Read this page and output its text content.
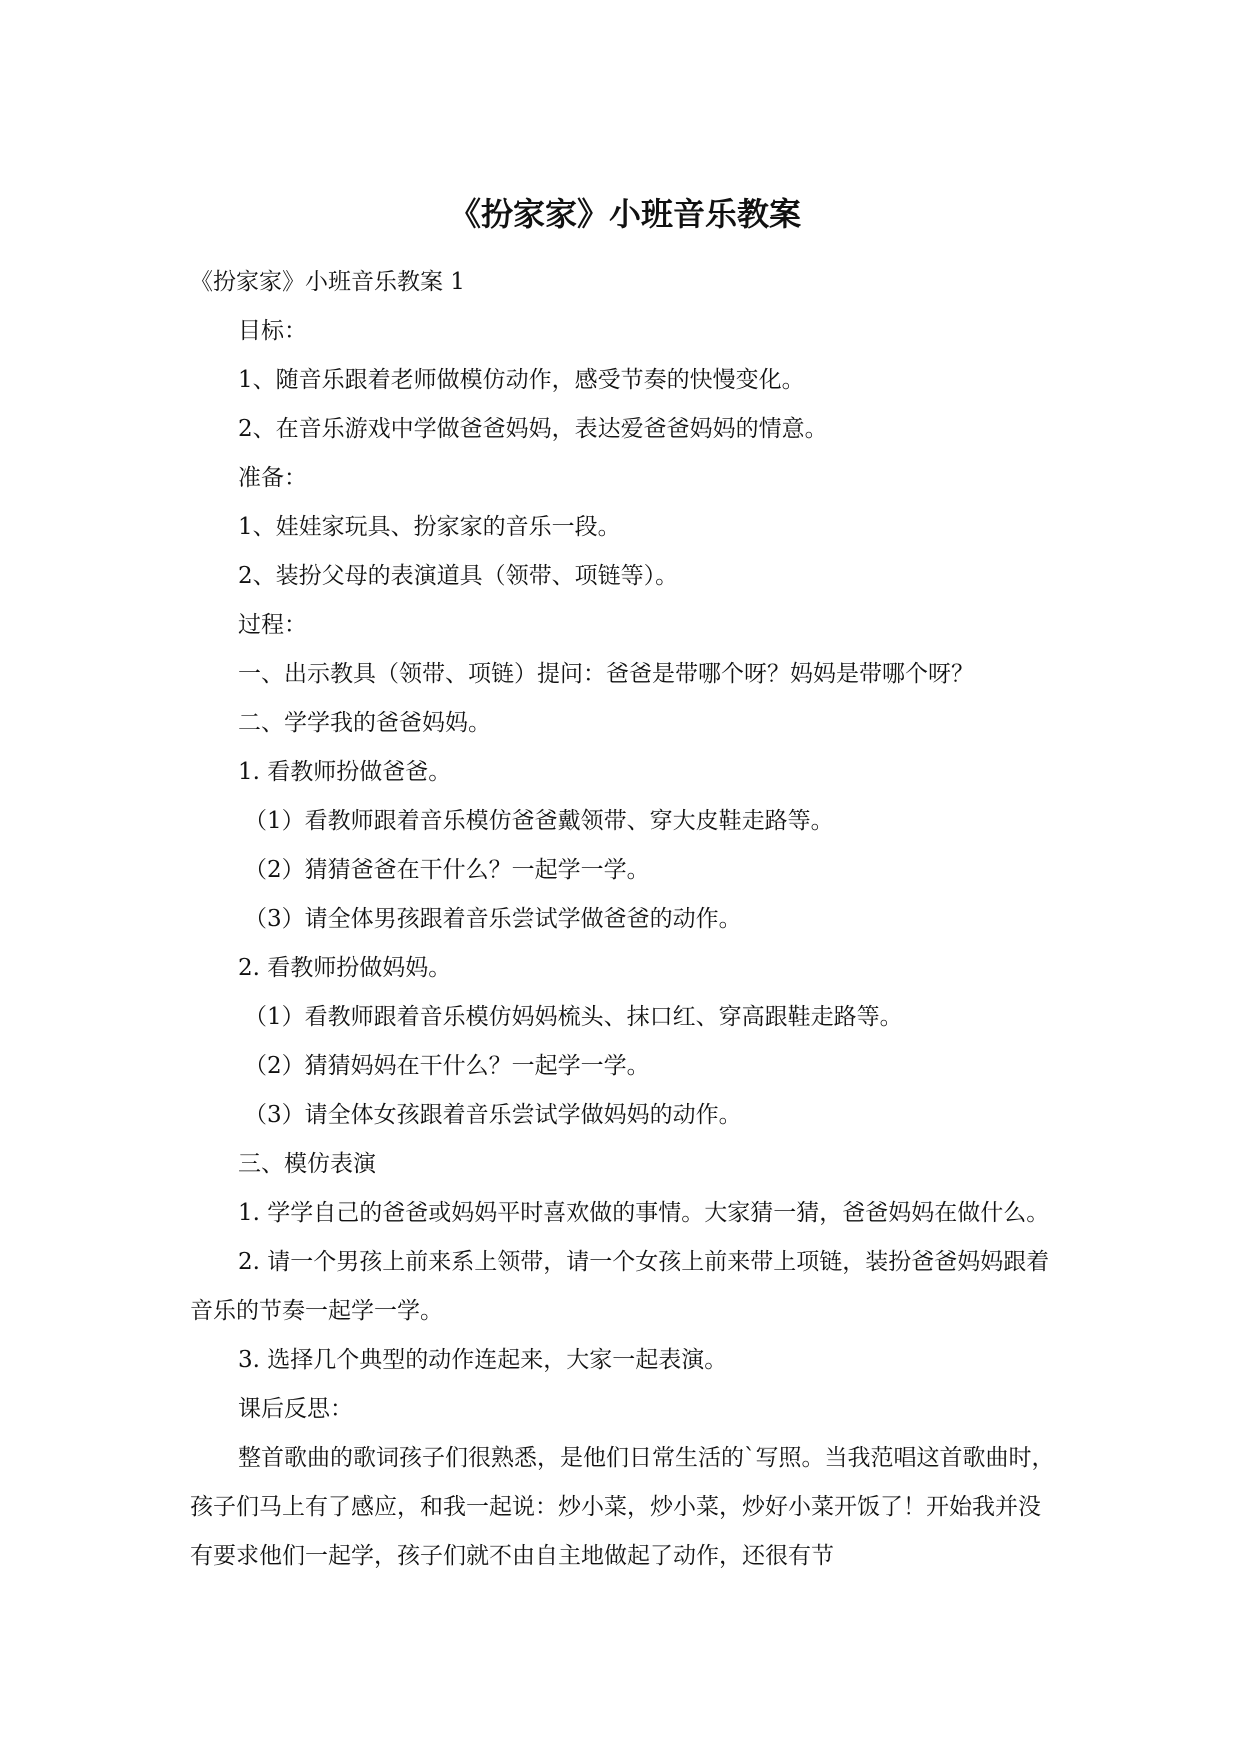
《扮家家》小班音乐教案

《扮家家》小班音乐教案 1

目标：

1、随音乐跟着老师做模仿动作，感受节奏的快慢变化。

2、在音乐游戏中学做爸爸妈妈，表达爱爸爸妈妈的情意。

准备：

1、娃娃家玩具、扮家家的音乐一段。

2、装扮父母的表演道具（领带、项链等）。

过程：

一、出示教具（领带、项链）提问：爸爸是带哪个呀？妈妈是带哪个呀？

二、学学我的爸爸妈妈。

1. 看教师扮做爸爸。

（1）看教师跟着音乐模仿爸爸戴领带、穿大皮鞋走路等。

（2）猜猜爸爸在干什么？一起学一学。

（3）请全体男孩跟着音乐尝试学做爸爸的动作。

2. 看教师扮做妈妈。

（1）看教师跟着音乐模仿妈妈梳头、抹口红、穿高跟鞋走路等。

（2）猜猜妈妈在干什么？一起学一学。

（3）请全体女孩跟着音乐尝试学做妈妈的动作。

三、模仿表演

1. 学学自己的爸爸或妈妈平时喜欢做的事情。大家猜一猜，爸爸妈妈在做什么。

2. 请一个男孩上前来系上领带，请一个女孩上前来带上项链，装扮爸爸妈妈跟着音乐的节奏一起学一学。

3. 选择几个典型的动作连起来，大家一起表演。

课后反思：

整首歌曲的歌词孩子们很熟悉，是他们日常生活的`写照。当我范唱这首歌曲时，孩子们马上有了感应，和我一起说：炒小菜，炒小菜，炒好小菜开饭了！开始我并没有要求他们一起学，孩子们就不由自主地做起了动作，还很有节
